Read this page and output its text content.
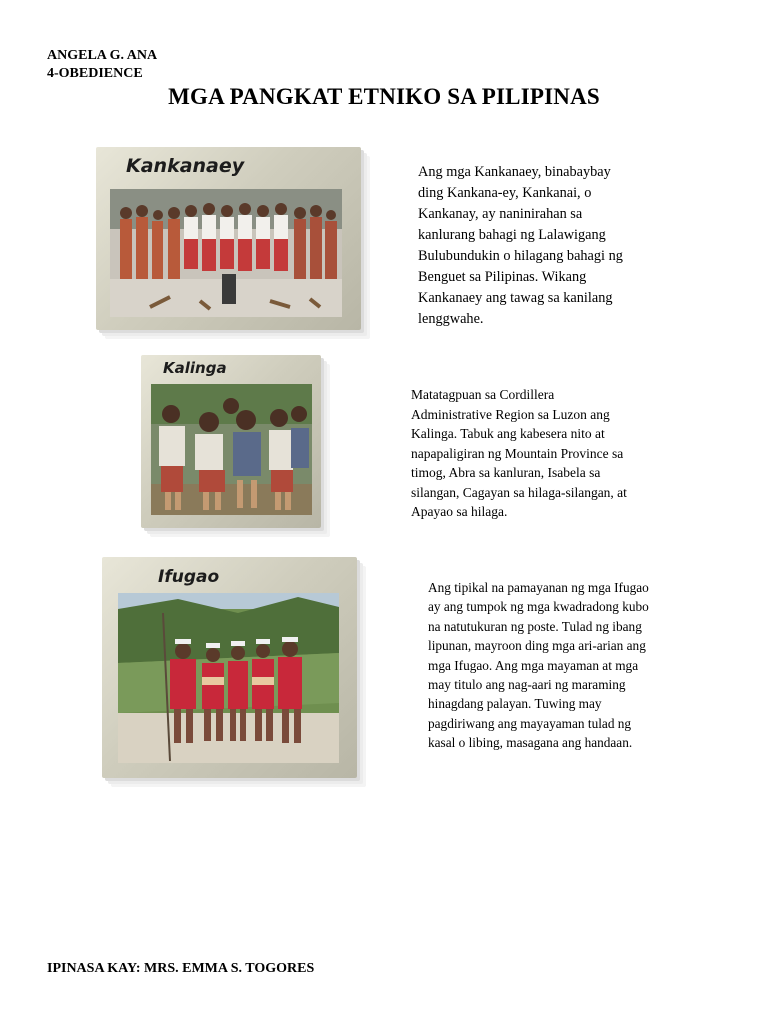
ANGELA G. ANA
4-OBEDIENCE
MGA PANGKAT ETNIKO SA PILIPINAS
Kankanaey	Ang mga Kankanaey, binabaybay
ding Kankana-ey, Kankanai, o
Kankanay, ay naninirahan sa
kanlurang bahagi ng Lalawigang
Bulubundukin o hilagang bahagi ng
Benguet sa Pilipinas. Wikang
Kankanaey ang tawag sa kanilang
lenggwahe.
Kalinga
Matatagpuan sa Cordillera
Administrative Region sa Luzon ang
Kalinga. Tabuk ang kabesera nito at
napapaligiran ng Mountain Province sa
timog, Abra sa kanluran, Isabela sa
silangan, Cagayan sa hilaga-silangan, at
Apayao sa hilaga.
Ifugao
Ang tipikal na pamayanan ng mga Ifugao
ay ang tumpok ng mga kwadradong kubo
na natutukuran ng poste. Tulad ng ibang
lipunan, mayroon ding mga ari-arian ang
mga Ifugao. Ang mga mayaman at mga
may titulo ang nag-aari ng maraming
hinagdang palayan. Tuwing may
pagdiriwang ang mayayaman tulad ng
kasal o libing, masagana ang handaan.
IPINASA KAY: MRS. EMMA S. TOGORES
